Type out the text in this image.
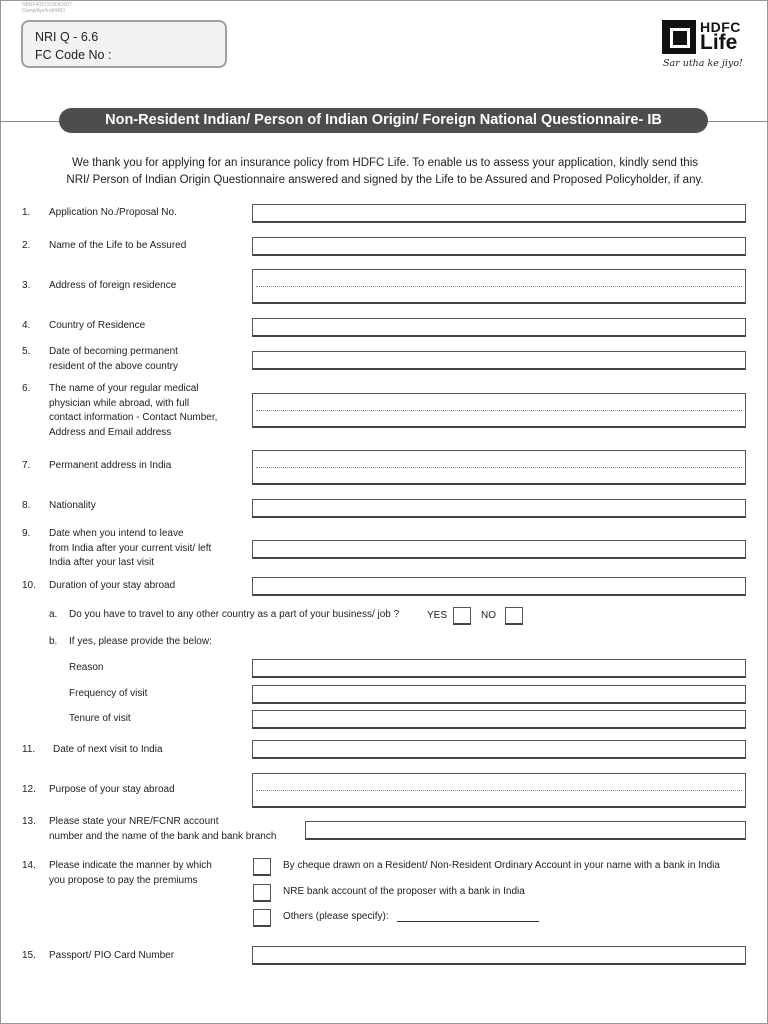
NBRF4037210041507
Comp/Apr/Ind/4461
NRI Q - 6.6
FC Code No :
HDFC
Life
Sar utha ke jiyo!
Non-Resident Indian/ Person of Indian Origin/ Foreign National Questionnaire- IB
We thank you for applying for an insurance policy from HDFC Life. To enable us to assess your application, kindly send this
NRI/ Person of Indian Origin Questionnaire answered and signed by the Life to be Assured and Proposed Policyholder, if any.
1. Application No./Proposal No.
2. Name of the Life to be Assured
3. Address of foreign residence
4. Country of Residence
5. Date of becoming permanent
resident of the above country
6. The name of your regular medical
physician while abroad, with full
contact information - Contact Number,
Address and Email address
7. Permanent address in India
8. Nationality
9. Date when you intend to leave
from India after your current visit/ left
India after your last visit
10. Duration of your stay abroad
a. Do you have to travel to any other country as a part of your business/ job ?	YES	NO
b. If yes, please provide the below:
Reason
Frequency of visit
Tenure of visit
11. Date of next visit to India
12. Purpose of your stay abroad
13. Please state your NRE/FCNR account
number and the name of the bank and bank branch
14. Please indicate the manner by which
you propose to pay the premiums
By cheque drawn on a Resident/ Non-Resident Ordinary Account in your name with a bank in India
NRE bank account of the proposer with a bank in India
Others (please specify):
15. Passport/ PIO Card Number
